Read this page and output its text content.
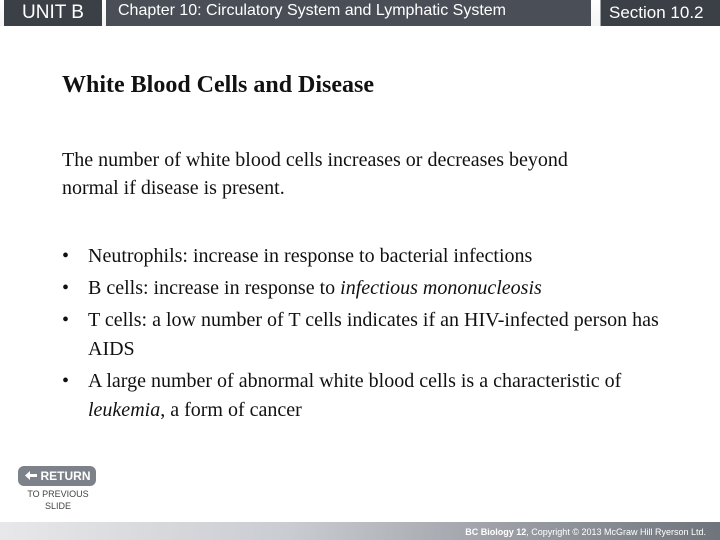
UNIT B	Chapter 10: Circulatory System and Lymphatic System	Section 10.2
White Blood Cells and Disease
The number of white blood cells increases or decreases beyond normal if disease is present.
• Neutrophils: increase in response to bacterial infections
• B cells: increase in response to infectious mononucleosis
• T cells: a low number of T cells indicates if an HIV-infected person has AIDS
• A large number of abnormal white blood cells is a characteristic of leukemia, a form of cancer
RETURN
TO PREVIOUS SLIDE
BC Biology 12, Copyright © 2013 McGraw Hill Ryerson Ltd.
